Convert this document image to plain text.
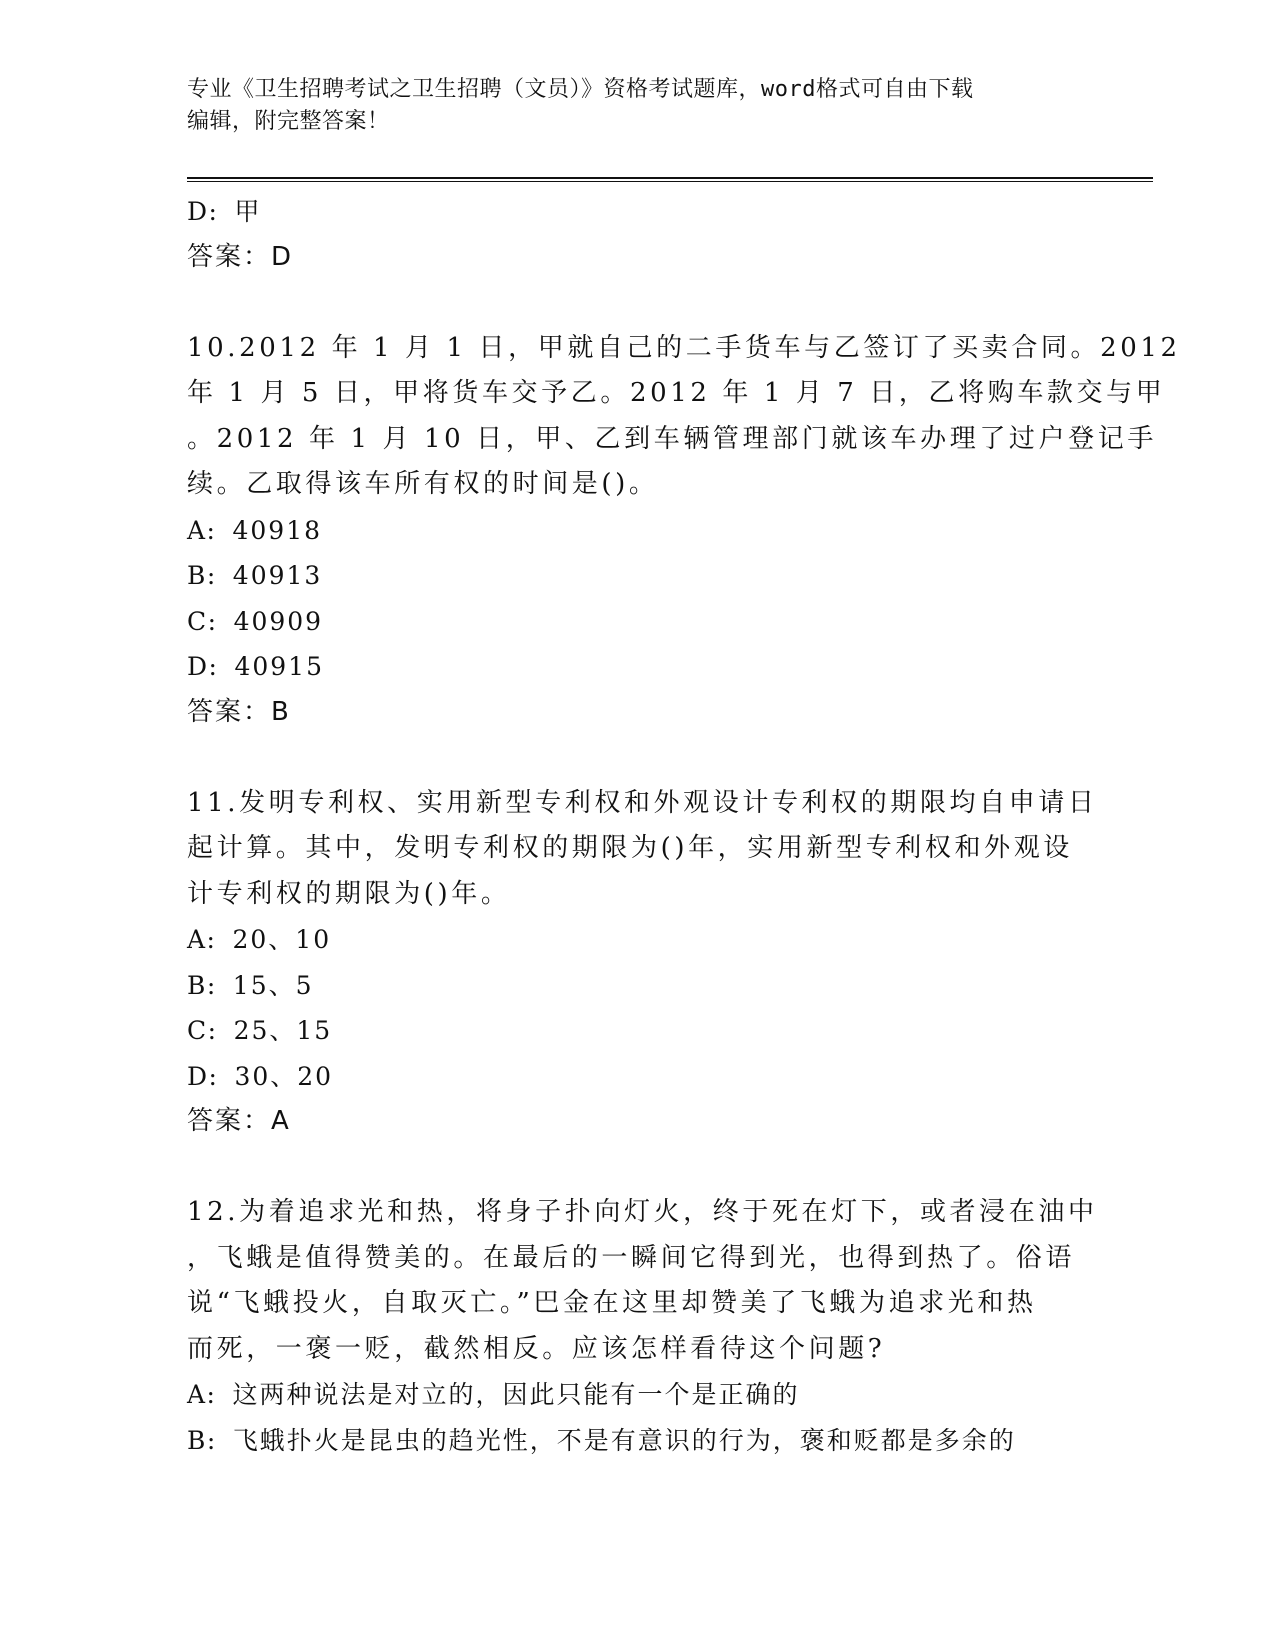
专业《卫生招聘考试之卫生招聘（文员）》资格考试题库，word格式可自由下载
编辑，附完整答案！
D: 甲
答案：D
10.2012 年 1 月 1 日，甲就自己的二手货车与乙签订了买卖合同。2012
年 1 月 5 日，甲将货车交予乙。2012 年 1 月 7 日，乙将购车款交与甲
。2012 年 1 月 10 日，甲、乙到车辆管理部门就该车办理了过户登记手
续。乙取得该车所有权的时间是()。
A: 40918
B: 40913
C: 40909
D: 40915
答案：B
11.发明专利权、实用新型专利权和外观设计专利权的期限均自申请日
起计算。其中，发明专利权的期限为()年，实用新型专利权和外观设
计专利权的期限为()年。
A: 20、10
B: 15、5
C: 25、15
D: 30、20
答案：A
12.为着追求光和热，将身子扑向灯火，终于死在灯下，或者浸在油中
，飞蛾是值得赞美的。在最后的一瞬间它得到光，也得到热了。俗语
说“飞蛾投火，自取灭亡。”巴金在这里却赞美了飞蛾为追求光和热
而死，一褒一贬，截然相反。应该怎样看待这个问题?
A: 这两种说法是对立的，因此只能有一个是正确的
B: 飞蛾扑火是昆虫的趋光性，不是有意识的行为，褒和贬都是多余的
